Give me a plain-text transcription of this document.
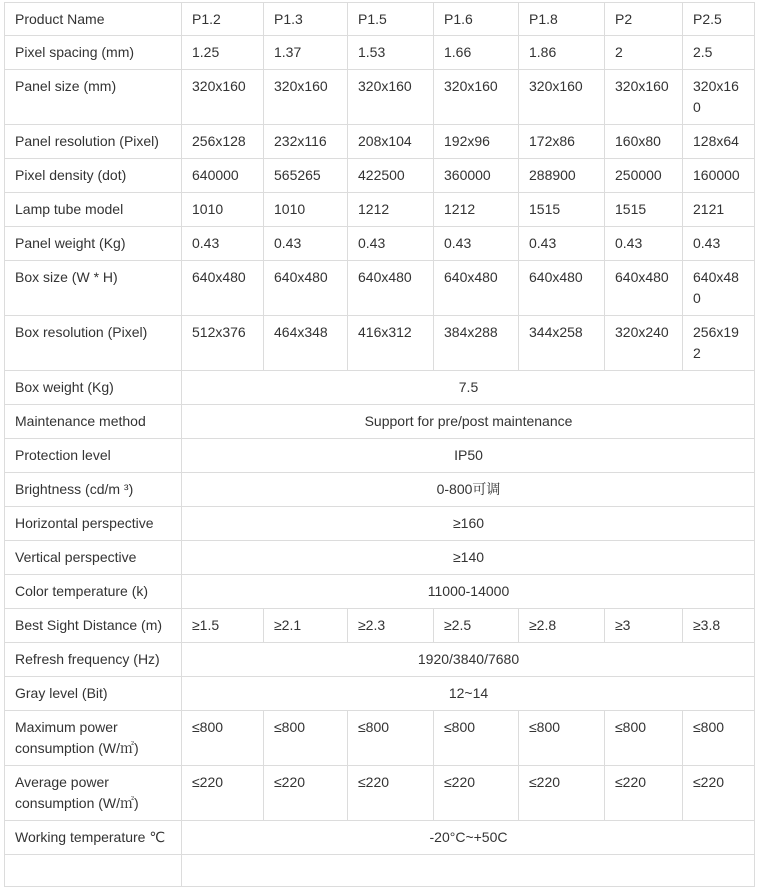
Product Name	P1.2	P1.3	P1.5	P1.6	P1.8	P2	P2.5
Pixel spacing (mm)	1.25	1.37	1.53	1.66	1.86	2	2.5
Panel size (mm)	320x160	320x160	320x160	320x160	320x160	320x160	320x160
Panel resolution (Pixel)	256x128	232x116	208x104	192x96	172x86	160x80	128x64
Pixel density (dot)	640000	565265	422500	360000	288900	250000	160000
Lamp tube model	1010	1010	1212	1212	1515	1515	2121
Panel weight (Kg)	0.43	0.43	0.43	0.43	0.43	0.43	0.43
Box size (W * H)	640x480	640x480	640x480	640x480	640x480	640x480	640x480
Box resolution (Pixel)	512x376	464x348	416x312	384x288	344x258	320x240	256x192
Box weight (Kg)	7.5						
Maintenance method	Support for pre/post maintenance						
Protection level	IP50						
Brightness (cd/m ³)	0-800可调						
Horizontal perspective	≥160						
Vertical perspective	≥140						
Color temperature (k)	11000-14000						
Best Sight Distance (m)	≥1.5	≥2.1	≥2.3	≥2.5	≥2.8	≥3	≥3.8
Refresh frequency (Hz)	1920/3840/7680						
Gray level (Bit)	12~14						
Maximum power consumption (W/㎡)	≤800	≤800	≤800	≤800	≤800	≤800	≤800
Average power consumption (W/㎡)	≤220	≤220	≤220	≤220	≤220	≤220	≤220
Working temperature ℃	-20°C~+50C						
